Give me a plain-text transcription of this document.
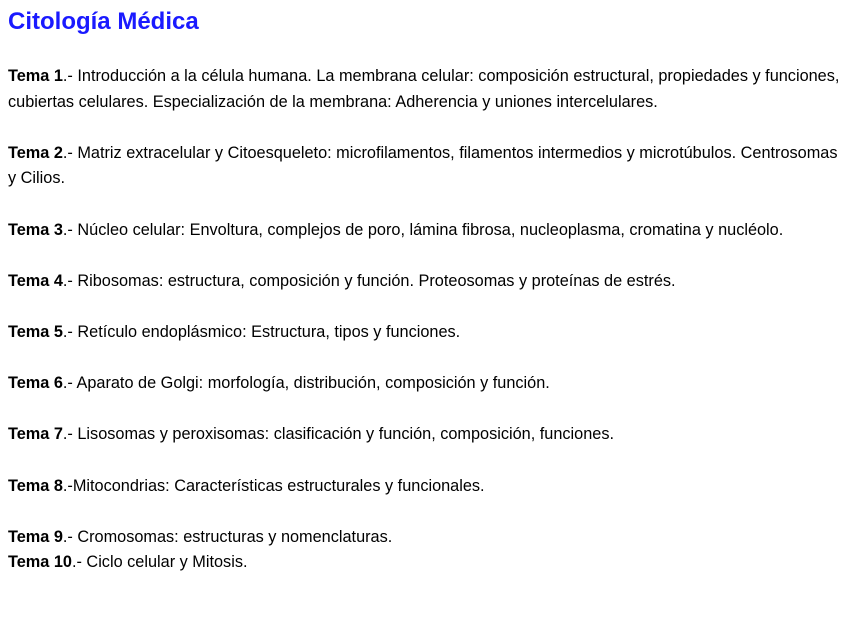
Citología Médica
Tema 1.- Introducción a la célula humana. La membrana celular: composición estructural, propiedades y funciones, cubiertas celulares. Especialización de la membrana: Adherencia y uniones intercelulares.
Tema 2.- Matriz extracelular y Citoesqueleto: microfilamentos, filamentos intermedios y microtúbulos. Centrosomas y Cilios.
Tema 3.- Núcleo celular: Envoltura, complejos de poro, lámina fibrosa, nucleoplasma, cromatina y nucléolo.
Tema 4.- Ribosomas: estructura, composición y función. Proteosomas y proteínas de estrés.
Tema 5.- Retículo endoplásmico: Estructura, tipos y funciones.
Tema 6.- Aparato de Golgi: morfología, distribución, composición y función.
Tema 7.- Lisosomas y peroxisomas: clasificación y función, composición, funciones.
Tema 8.-Mitocondrias: Características estructurales y funcionales.
Tema 9.- Cromosomas: estructuras y nomenclaturas.
Tema 10.- Ciclo celular y Mitosis.
